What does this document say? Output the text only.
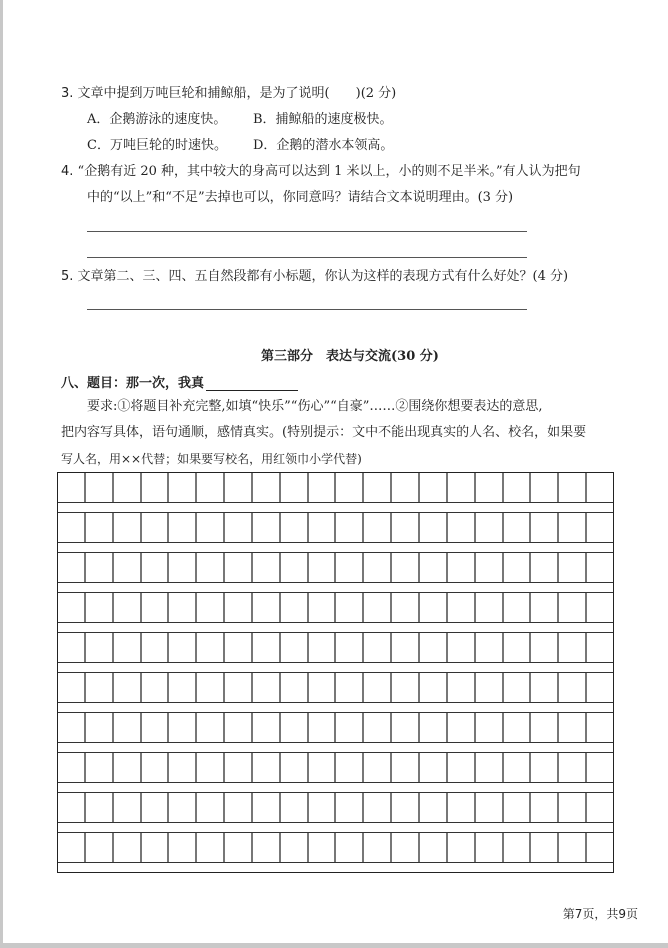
3. 文章中提到万吨巨轮和捕鲸船，是为了说明(　　)(2 分)
A．企鹅游泳的速度快。 B．捕鲸船的速度极快。
C．万吨巨轮的时速快。 D．企鹅的潜水本领高。
4. “企鹅有近 20 种，其中较大的身高可以达到 1 米以上，小的则不足半米。”有人认为把句
中的“以上”和“不足”去掉也可以，你同意吗？请结合文本说明理由。(3 分)
5. 文章第二、三、四、五自然段都有小标题，你认为这样的表现方式有什么好处？(4 分)
第三部分　表达与交流(30 分)
八、题目：那一次，我真
要求:①将题目补充完整,如填“快乐”“伤心”“自豪”……②围绕你想要表达的意思,
把内容写具体，语句通顺，感情真实。(特别提示：文中不能出现真实的人名、校名，如果要
写人名，用××代替；如果要写校名，用红领巾小学代替)
第7页，共9页
